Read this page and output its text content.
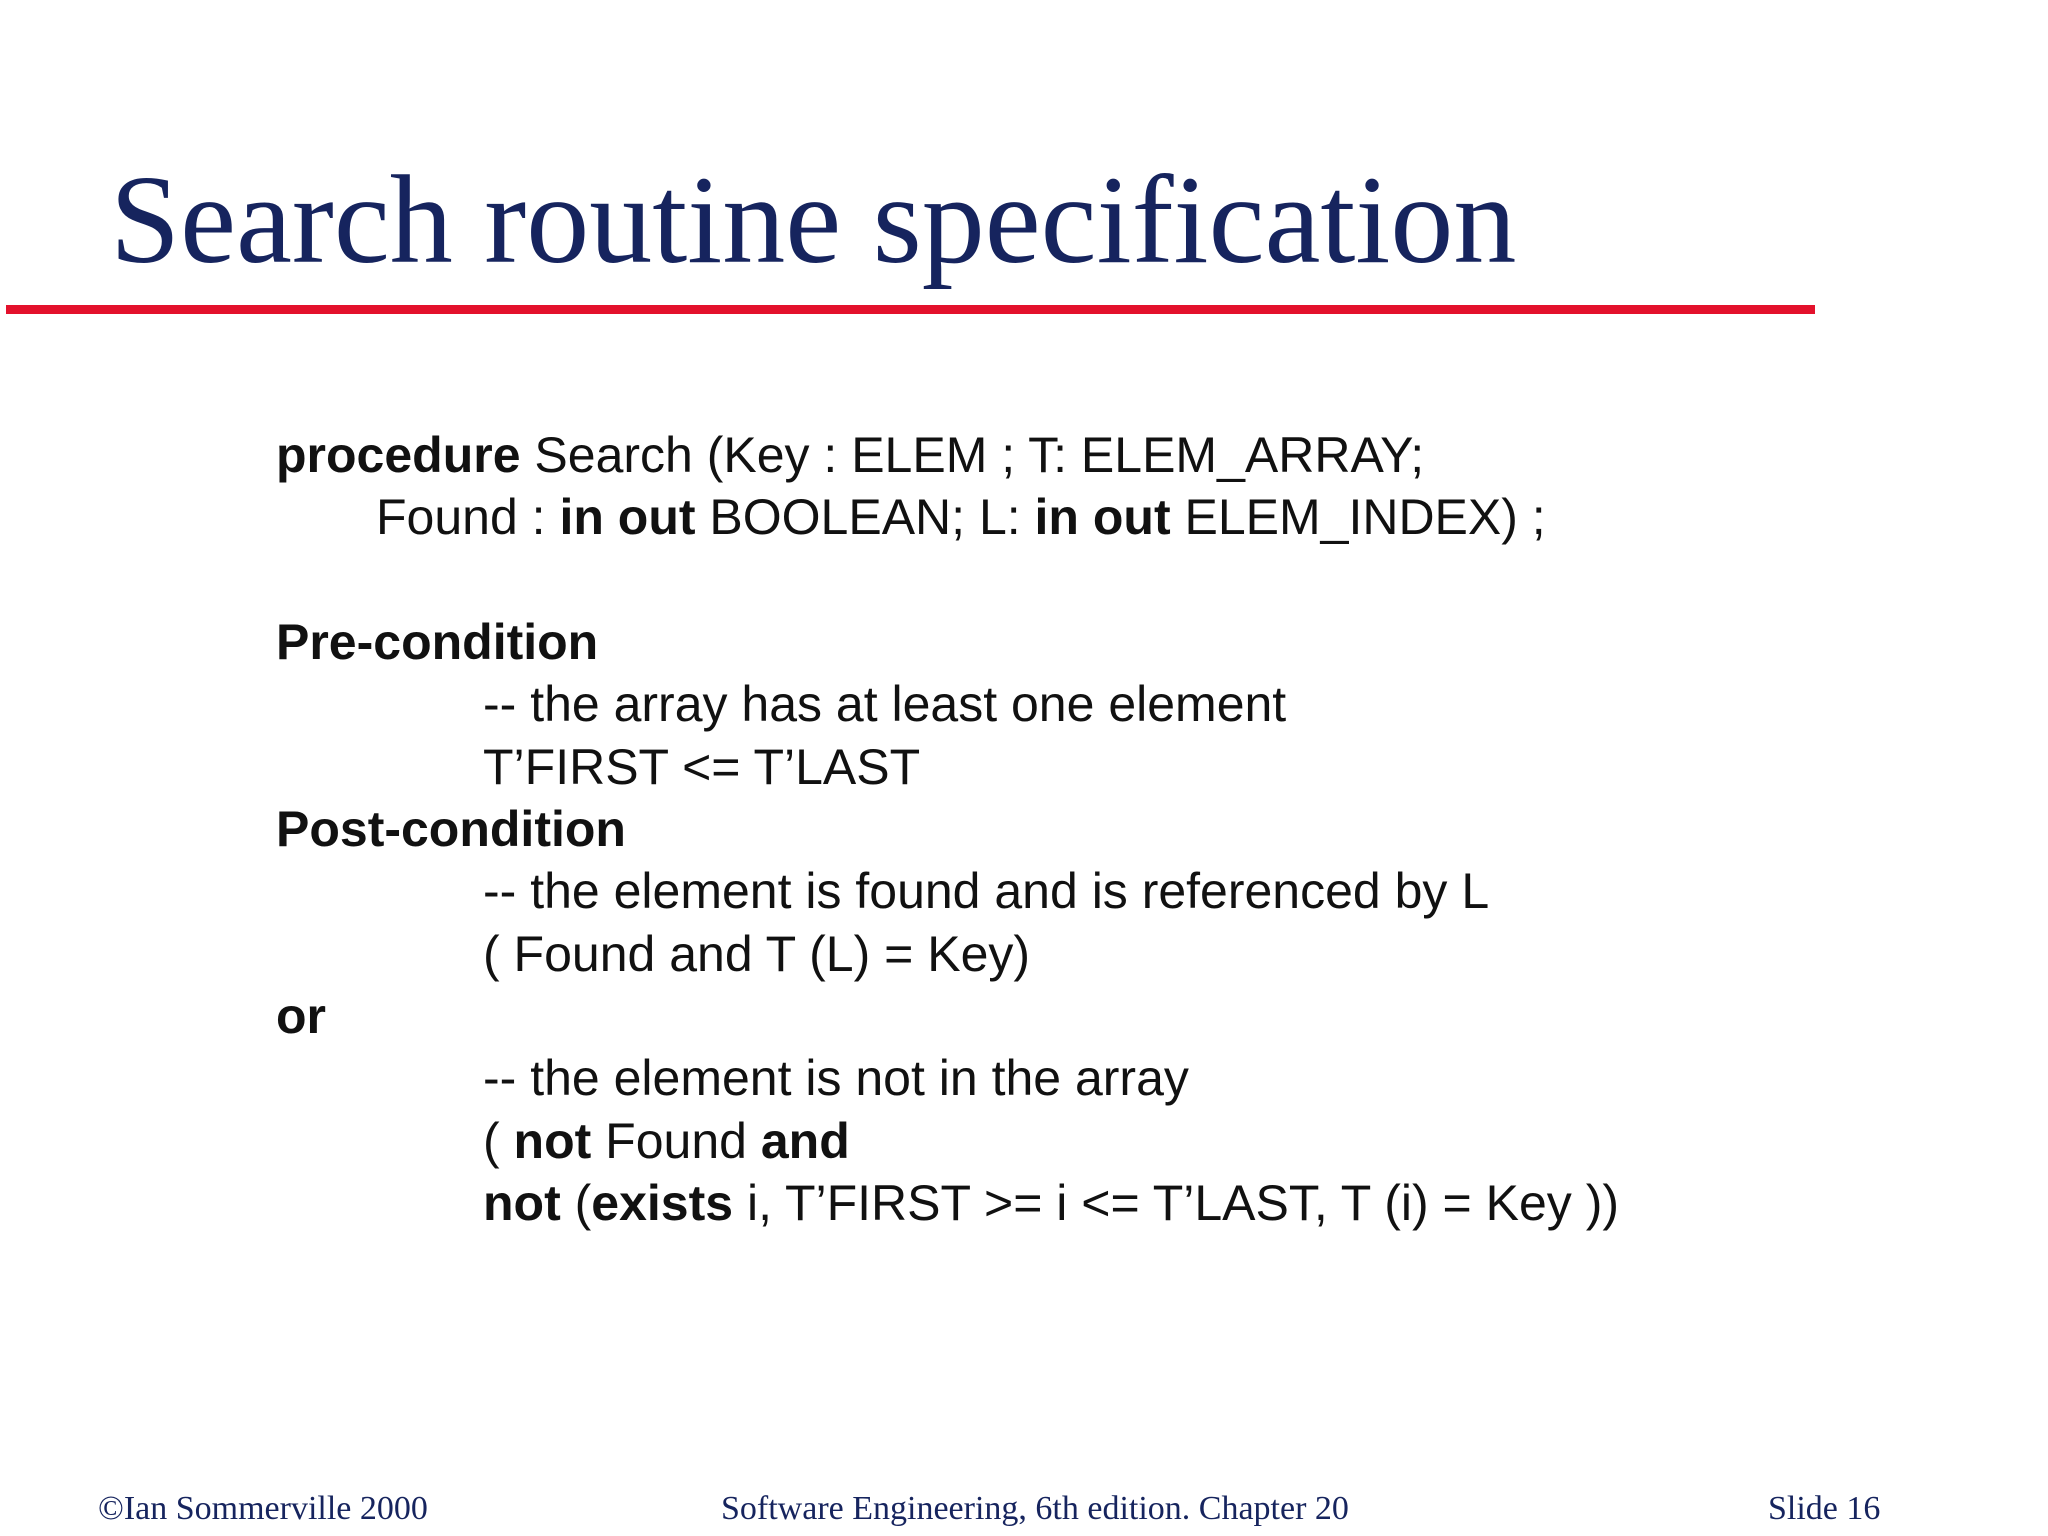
Search routine specification
procedure Search (Key : ELEM ; T: ELEM_ARRAY;
Found : in out BOOLEAN; L: in out ELEM_INDEX) ;
Pre-condition
-- the array has at least one element
T’FIRST <= T’LAST
Post-condition
-- the element is found and is referenced by L
( Found and T (L) = Key)
or
-- the element is not in the array
( not Found and
not (exists i, T’FIRST >= i <= T’LAST, T (i) = Key ))
©Ian Sommerville 2000	Software Engineering, 6th edition. Chapter 20	Slide 16
